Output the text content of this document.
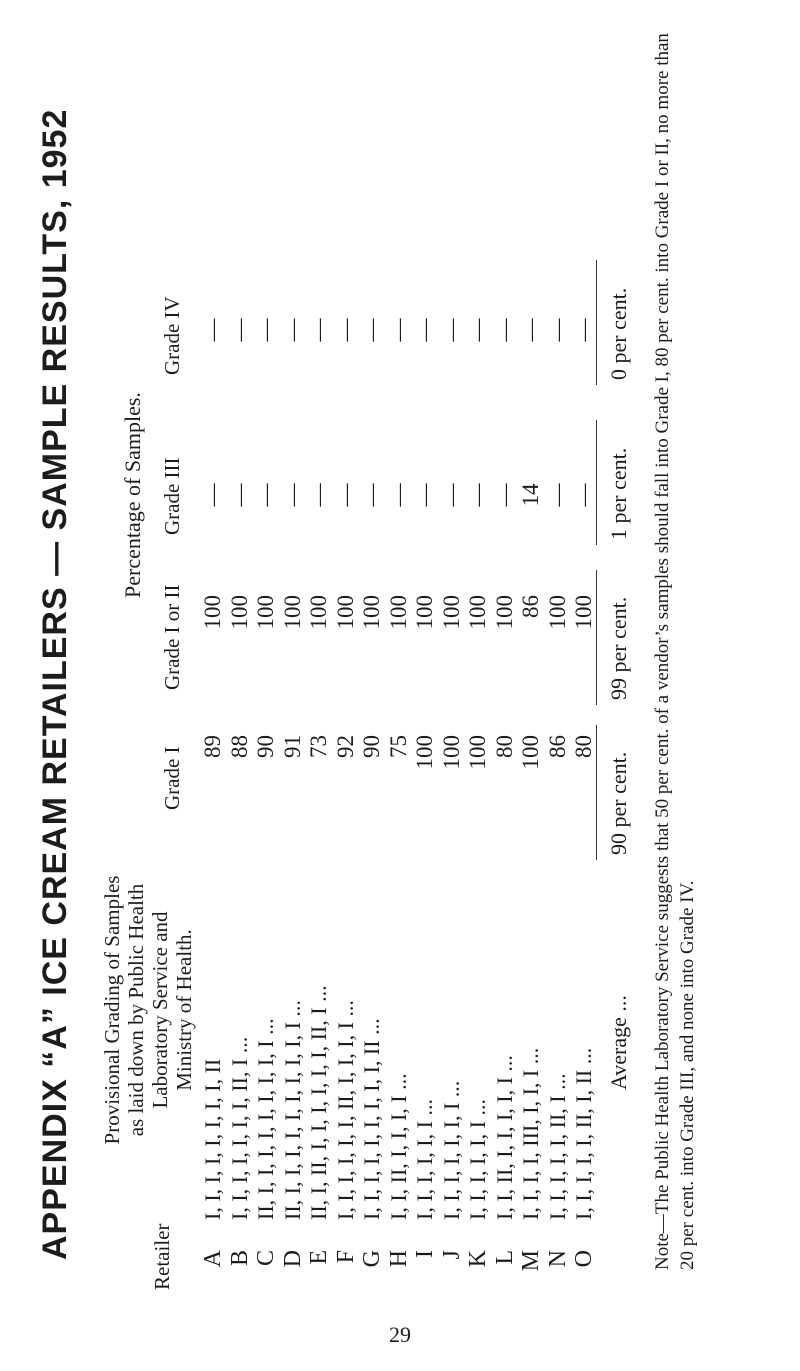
APPENDIX “A” ICE CREAM RETAILERS — SAMPLE RESULTS, 1952	Retailer
Provisional Grading of Samples as laid down by Public Health Laboratory Service and Ministry of Health.
Percentage of Samples.
Grade I
Grade I or II
Grade III
Grade IV
A
I, I, I, I, I, I, I, I, II
89
100
—
—
B
I, I, I, I, I, I, I, II, I ...
88
100
—
—
C
II, I, I, I, I, I, I, I, I, I ...
90
100
—
—
D
II, I, I, I, I, I, I, I, I, I, I ...
91
100
—
—
E
II, I, II, I, I, I, I, I, I, II, I ...
73
100
—
—
F
I, I, I, I, I, I, II, I, I, I, I ...
92
100
—
—
G
I, I, I, I, I, I, I, I, I, II ...
90
100
—
—
H
I, I, II, I, I, I, I ...
75
100
—
—
I
I, I, I, I, I, I ...
100
100
—
—
J
I, I, I, I, I, I, I ...
100
100
—
—
K
I, I, I, I, I, I ...
100
100
—
—
L
I, I, II, I, I, I, I, I ...
80
100
—
—
M
I, I, I, I, III, I, I, I ...
100
86
14
—
N
I, I, I, I, I, II, I ...
86
100
—
—
O
I, I, I, I, I, II, I, II ...
80
100
—
—
Average ...
90 per cent.
99 per cent.
1 per cent.
0 per cent. Note—The Public Health Laboratory Service suggests that 50 per cent. of a vendor’s samples should fall into Grade I, 80 per cent. into Grade I or II, no more than 20 per cent. into Grade III, and none into Grade IV.
29
